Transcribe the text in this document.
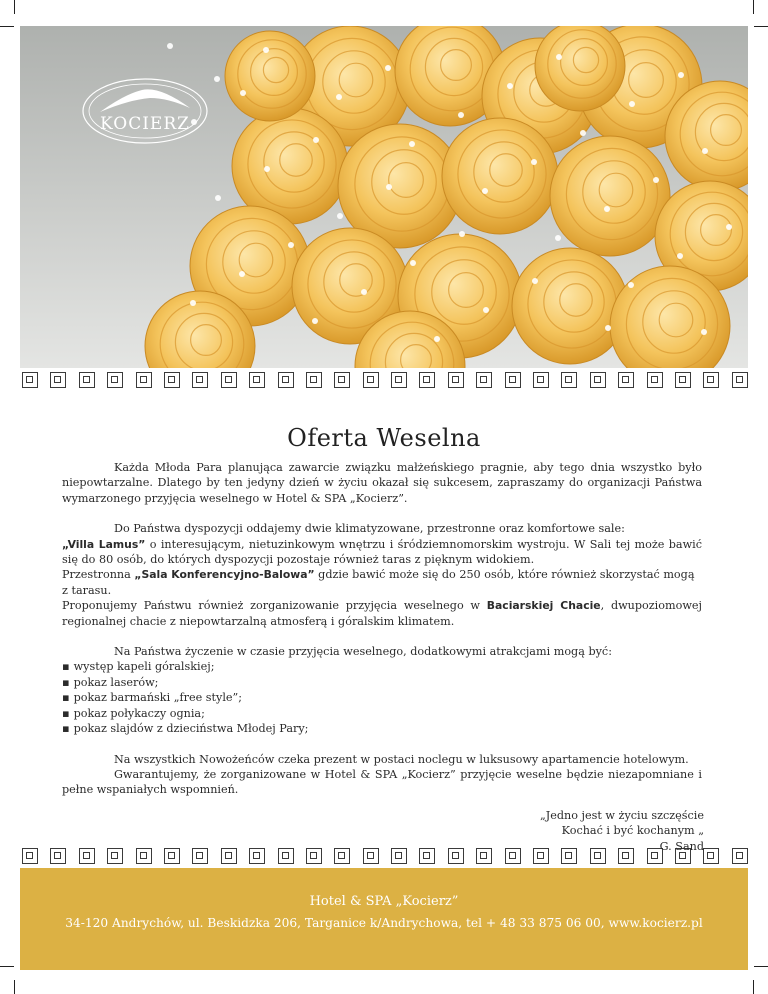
KOCIERZ
Oferta Weselna

Każda Młoda Para planująca zawarcie związku małżeńskiego pragnie, aby tego dnia wszystko było niepowtarzalne. Dlatego by ten jedyny dzień w życiu okazał się sukcesem, zapraszamy do organizacji Państwa wymarzonego przyjęcia weselnego w Hotel & SPA „Kocierz”.

Do Państwa dyspozycji oddajemy dwie klimatyzowane, przestronne oraz komfortowe sale:

„Villa Lamus” o interesującym, nietuzinkowym wnętrzu i śródziemnomorskim wystroju. W Sali tej może bawić się do 80 osób, do których dyspozycji pozostaje również taras z pięknym widokiem.

Przestronna „Sala Konferencyjno-Balowa” gdzie bawić może się do 250 osób, które również skorzystać mogą z tarasu.

Proponujemy Państwu również zorganizowanie przyjęcia weselnego w Baciarskiej Chacie, dwupoziomowej regionalnej chacie z niepowtarzalną atmosferą i góralskim klimatem.

Na Państwa życzenie w czasie przyjęcia weselnego, dodatkowymi atrakcjami mogą być:

▪ występ kapeli góralskiej;

▪ pokaz laserów;

▪ pokaz barmański „free style”;

▪ pokaz połykaczy ognia;

▪ pokaz slajdów z dzieciństwa Młodej Pary;

Na wszystkich Nowożeńców czeka prezent w postaci noclegu w luksusowy apartamencie hotelowym.

Gwarantujemy, że zorganizowane w Hotel & SPA „Kocierz” przyjęcie weselne będzie niezapomniane i pełne wspaniałych wspomnień.

„Jedno jest w życiu szczęście
Kochać i być kochanym „
G. Sand
Hotel & SPA „Kocierz”
34-120 Andrychów, ul. Beskidzka 206, Targanice k/Andrychowa, tel + 48 33 875 06 00, www.kocierz.pl
